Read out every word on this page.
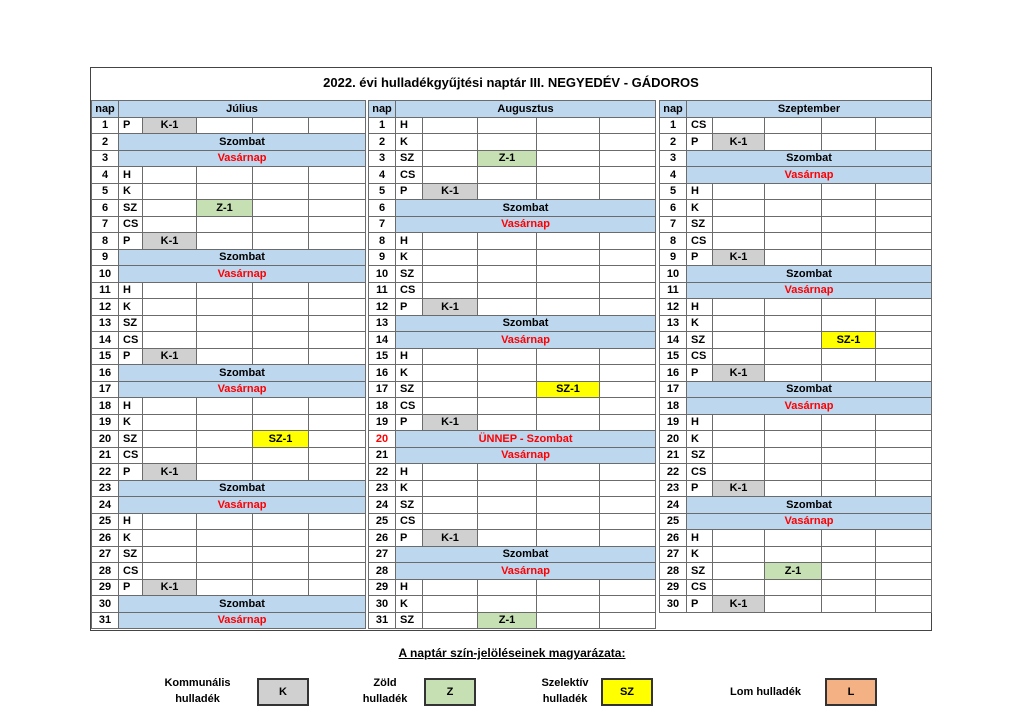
2022. évi hulladékgyűjtési naptár III. NEGYEDÉV - GÁDOROS
nap	Július				
1	P	K-1			
2	Szombat				
3	Vasárnap				
4	H				
5	K				
6	SZ		Z-1		
7	CS				
8	P	K-1			
9	Szombat				
10	Vasárnap				
11	H				
12	K				
13	SZ				
14	CS				
15	P	K-1			
16	Szombat				
17	Vasárnap				
18	H				
19	K				
20	SZ			SZ-1	
21	CS				
22	P	K-1			
23	Szombat				
24	Vasárnap				
25	H				
26	K				
27	SZ				
28	CS				
29	P	K-1			
30	Szombat				
31	Vasárnap				
nap	Augusztus				
1	H				
2	K				
3	SZ		Z-1		
4	CS				
5	P	K-1			
6	Szombat				
7	Vasárnap				
8	H				
9	K				
10	SZ				
11	CS				
12	P	K-1			
13	Szombat				
14	Vasárnap				
15	H				
16	K				
17	SZ			SZ-1	
18	CS				
19	P	K-1			
20	ÜNNEP - Szombat				
21	Vasárnap				
22	H				
23	K				
24	SZ				
25	CS				
26	P	K-1			
27	Szombat				
28	Vasárnap				
29	H				
30	K				
31	SZ		Z-1		
nap	Szeptember				
1	CS				
2	P	K-1			
3	Szombat				
4	Vasárnap				
5	H				
6	K				
7	SZ				
8	CS				
9	P	K-1			
10	Szombat				
11	Vasárnap				
12	H				
13	K				
14	SZ			SZ-1	
15	CS				
16	P	K-1			
17	Szombat				
18	Vasárnap				
19	H				
20	K				
21	SZ				
22	CS				
23	P	K-1			
24	Szombat				
25	Vasárnap				
26	H				
27	K				
28	SZ		Z-1		
29	CS				
30	P	K-1			
A naptár szín-jelöléseinek magyarázata:
Kommunális
hulladék
K
Zöld
hulladék
Z
Szelektív
hulladék
SZ	Lom hulladék	L
